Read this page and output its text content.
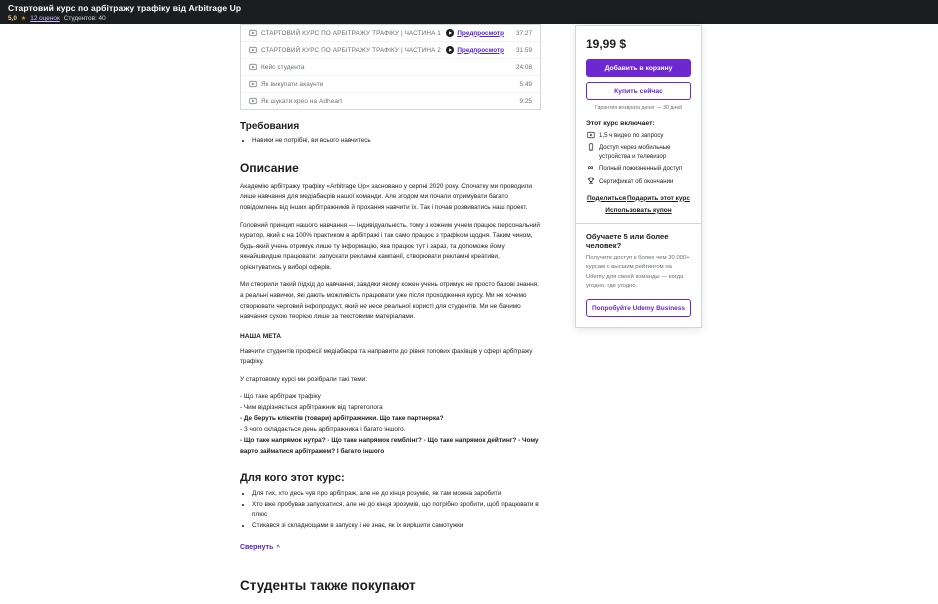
Стартовий курс по арбітражу трафіку від Arbitrage Up
5,0 ★ 12 оценок Студентов: 40
СТАРТОВИЙ КУРС ПО АРБІТРАЖУ ТРАФІКУ | ЧАСТИНА 1	Предпросмотр	37:27
СТАРТОВИЙ КУРС ПО АРБІТРАЖУ ТРАФІКУ | ЧАСТИНА 2	Предпросмотр	31:59
Кейс студента	24:08
Як викупати акаунти	5:49
Як шукати крео на Adheart	9:25
Требования
• Навики не потрібні, ви всього навчитесь
Описание

Академію арбітражу трафіку «Arbitrage Up» засновано у серпні 2020 року. Спочатку ми проводили лише навчання для медіабаєрів нашої команди. Але згодом ми почали отримувати багато повідомлень від інших арбітражників й прохання навчити їх. Так і почав розвиватись наш проект.

Головний принцип нашого навчання — індивідуальність, тому з кожним учнем працює персональний куратор, який є на 100% практиком в арбітражі і так само працює з трафіком щодня. Таким чином, будь-який учень отримує лише ту інформацію, яка працює тут і зараз, та допоможе йому якнайшвидше працювати: запускати рекламні кампанії, створювати рекламні креативи, орієнтуватись у виборі оферів.

Ми створили такий підхід до навчання, завдяки якому кожен учень отримує не просто базові знання, а реальні навички, які дають можливість працювати уже після проходження курсу. Ми не хочемо створювати черговий інфопродукт, який не несе реальної користі для студентів. Ми не бачимо навчання сухою теорією лише за текстовими матеріалами.

НАША МЕТА

Навчити студентів професії медіабаєра та направити до рівня топових фахівців у сфері арбітражу трафіку.

У стартовому курсі ми розібрали такі теми:

- Що таке арбітраж трафіку
- Чим відрізняється арбітражник від таргетолога
- Де беруть клієнтів (товари) арбітражники. Що таке партнерка?
- З чого складається день арбітражника і багато іншого.
- Що таке напрямок нутра? - Що таке напрямок гемблінг? - Що таке напрямок дейтинг? - Чому варто займатися арбітражем? І багато іншого
Для кого этот курс:
• Для тих, хто десь чув про арбітраж, але не до кінця розуміє, як там можна заробити
• Хто вже пробував запускатися, але не до кінця зрозумів, що потрібно зробити, щоб працювати в плюс
• Стикався зі складнощами в запуску і не знає, як їх вирішити самотужки
Свернуть ^
Студенты также покупают
19,99 $
Добавить в корзину
Купить сейчас
Гарантия возврата денег — 30 дней
Этот курс включает:
1,5 ч видео по запросу
Доступ через мобильные устройства и телевизор
∞ Полный пожизненный доступ
Сертификат об окончании
Поделиться Подарить этот курс
Использовать купон
Обучаете 5 или более человек?

Получите доступ к более чем 30 000+ курсам с высшим рейтингом на Udemy для своей команды — когда угодно, где угодно.

Попробуйте Udemy Business
